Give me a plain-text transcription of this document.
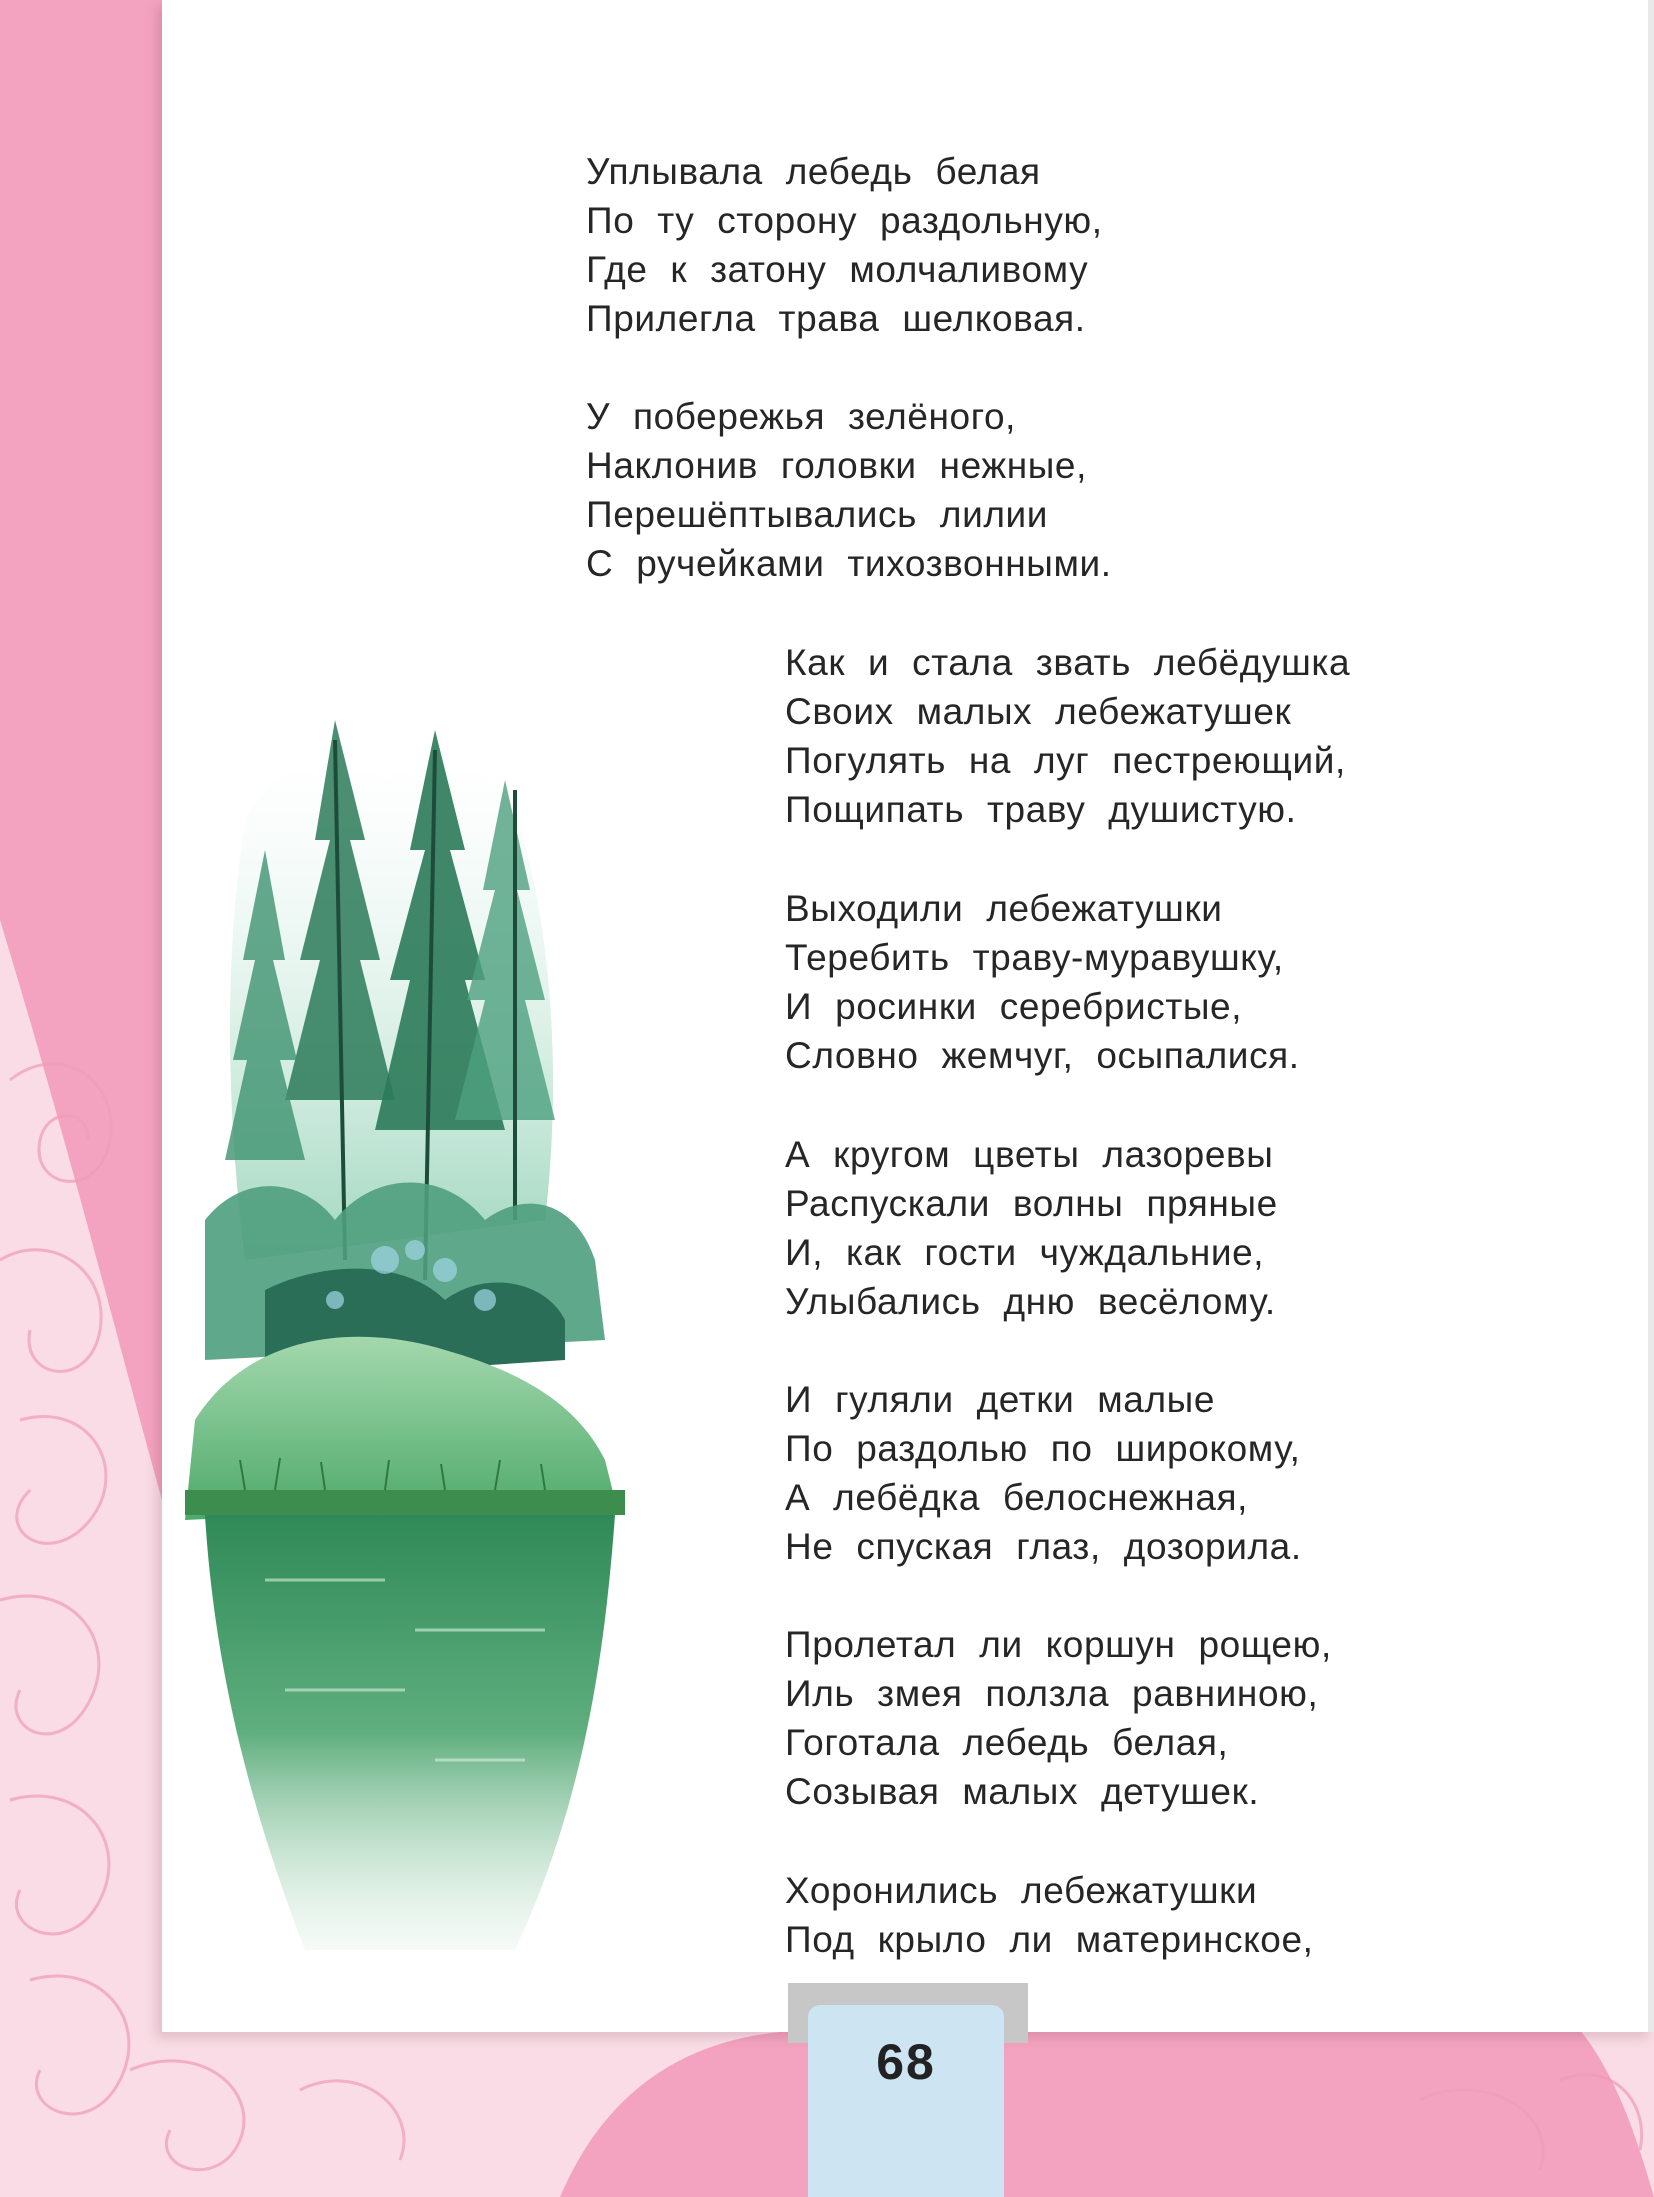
Уплывала лебедь белая
По ту сторону раздольную,
Где к затону молчаливому
Прилегла трава шелковая.
У побережья зелёного,
Наклонив головки нежные,
Перешёптывались лилии
С ручейками тихозвонными.
Как и стала звать лебёдушка
Своих малых лебежатушек
Погулять на луг пестреющий,
Пощипать траву душистую.
Выходили лебежатушки
Теребить траву-муравушку,
И росинки серебристые,
Словно жемчуг, осыпалися.
А кругом цветы лазоревы
Распускали волны пряные
И, как гости чуждальние,
Улыбались дню весёлому.
И гуляли детки малые
По раздолью по широкому,
А лебёдка белоснежная,
Не спуская глаз, дозорила.
Пролетал ли коршун рощею,
Иль змея ползла равниною,
Гоготала лебедь белая,
Созывая малых детушек.
Хоронились лебежатушки
Под крыло ли материнское,
68
